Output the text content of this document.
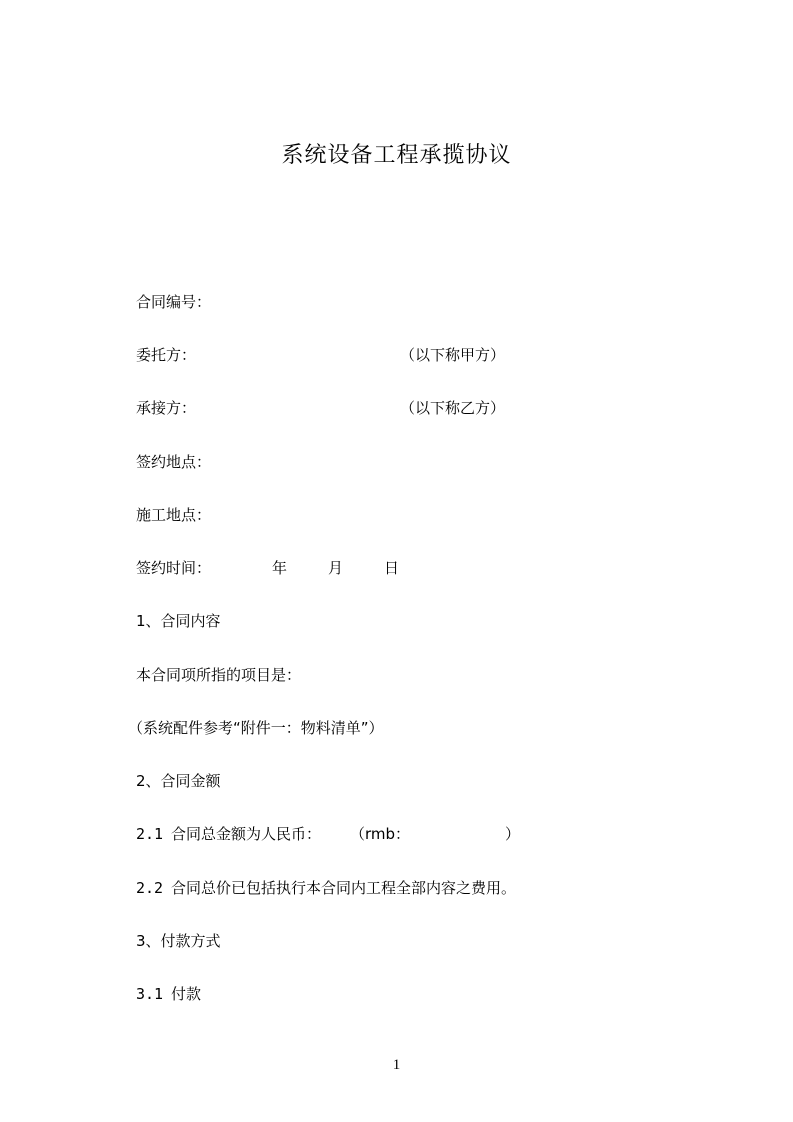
系统设备工程承揽协议
合同编号：
委托方：	（以下称甲方）
承接方：	（以下称乙方）
签约地点：
施工地点：
签约时间：	年	月	日
1、合同内容
本合同项所指的项目是：
（系统配件参考“附件一：物料清单”）
2、合同金额
2.1 合同总金额为人民币： （rmb：	）
2.2 合同总价已包括执行本合同内工程全部内容之费用。
3、付款方式
3.1 付款
1
